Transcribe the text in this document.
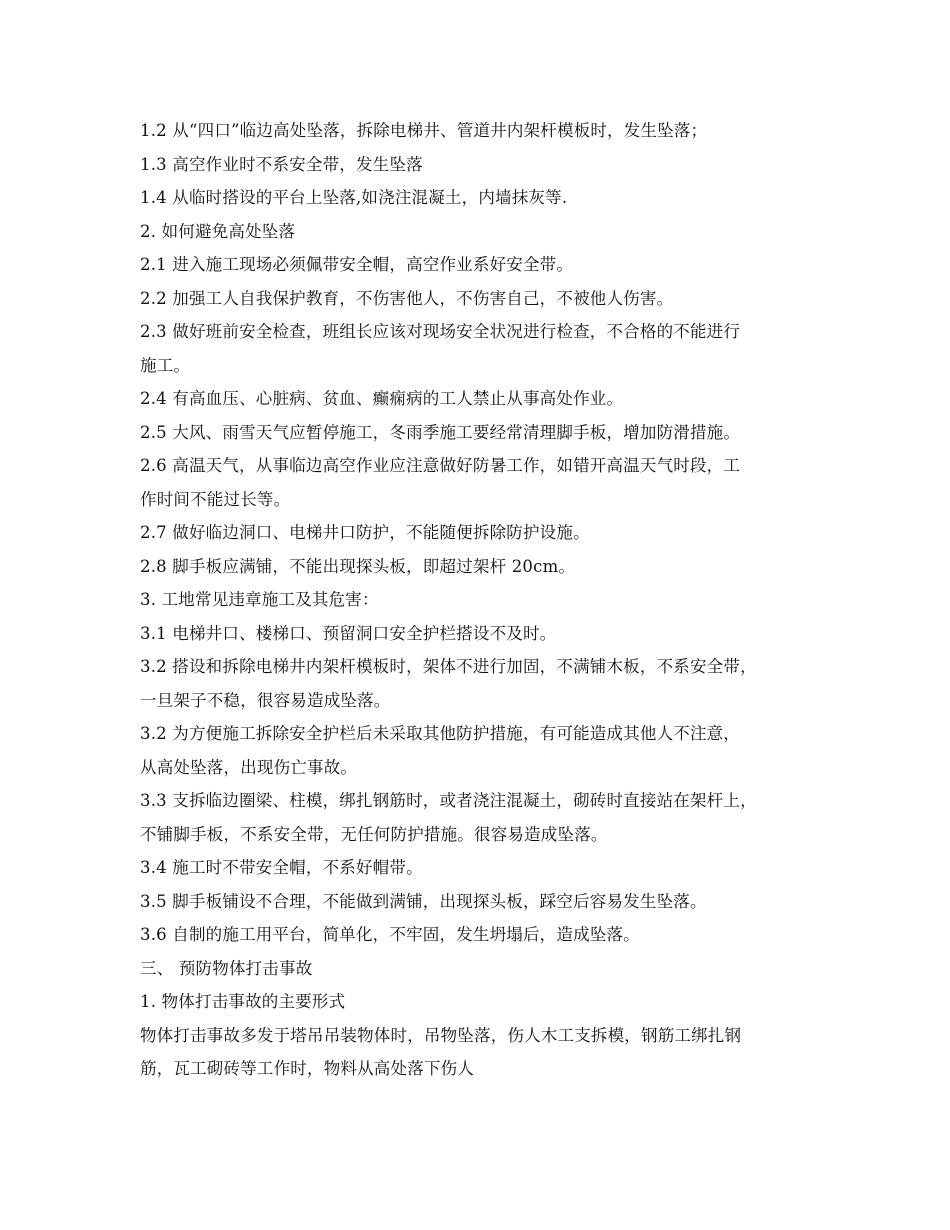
1.2 从“四口”临边高处坠落，拆除电梯井、管道井内架杆模板时，发生坠落；
1.3 高空作业时不系安全带，发生坠落
1.4 从临时搭设的平台上坠落,如浇注混凝土，内墙抹灰等.
2. 如何避免高处坠落
2.1 进入施工现场必须佩带安全帽，高空作业系好安全带。
2.2 加强工人自我保护教育，不伤害他人，不伤害自己，不被他人伤害。
2.3 做好班前安全检查，班组长应该对现场安全状况进行检查，不合格的不能进行
施工。
2.4 有高血压、心脏病、贫血、癫痫病的工人禁止从事高处作业。
2.5 大风、雨雪天气应暂停施工，冬雨季施工要经常清理脚手板，增加防滑措施。
2.6 高温天气，从事临边高空作业应注意做好防暑工作，如错开高温天气时段，工
作时间不能过长等。
2.7 做好临边洞口、电梯井口防护，不能随便拆除防护设施。
2.8 脚手板应满铺，不能出现探头板，即超过架杆 20cm。
3. 工地常见违章施工及其危害：
3.1 电梯井口、楼梯口、预留洞口安全护栏搭设不及时。
3.2 搭设和拆除电梯井内架杆模板时，架体不进行加固，不满铺木板，不系安全带，
一旦架子不稳，很容易造成坠落。
3.2 为方便施工拆除安全护栏后未采取其他防护措施，有可能造成其他人不注意，
从高处坠落，出现伤亡事故。
3.3 支拆临边圈梁、柱模，绑扎钢筋时，或者浇注混凝土，砌砖时直接站在架杆上，
不铺脚手板，不系安全带，无任何防护措施。很容易造成坠落。
3.4 施工时不带安全帽，不系好帽带。
3.5 脚手板铺设不合理，不能做到满铺，出现探头板，踩空后容易发生坠落。
3.6 自制的施工用平台，简单化，不牢固，发生坍塌后，造成坠落。
三、 预防物体打击事故
1. 物体打击事故的主要形式
物体打击事故多发于塔吊吊装物体时，吊物坠落，伤人木工支拆模，钢筋工绑扎钢
筋，瓦工砌砖等工作时，物料从高处落下伤人
